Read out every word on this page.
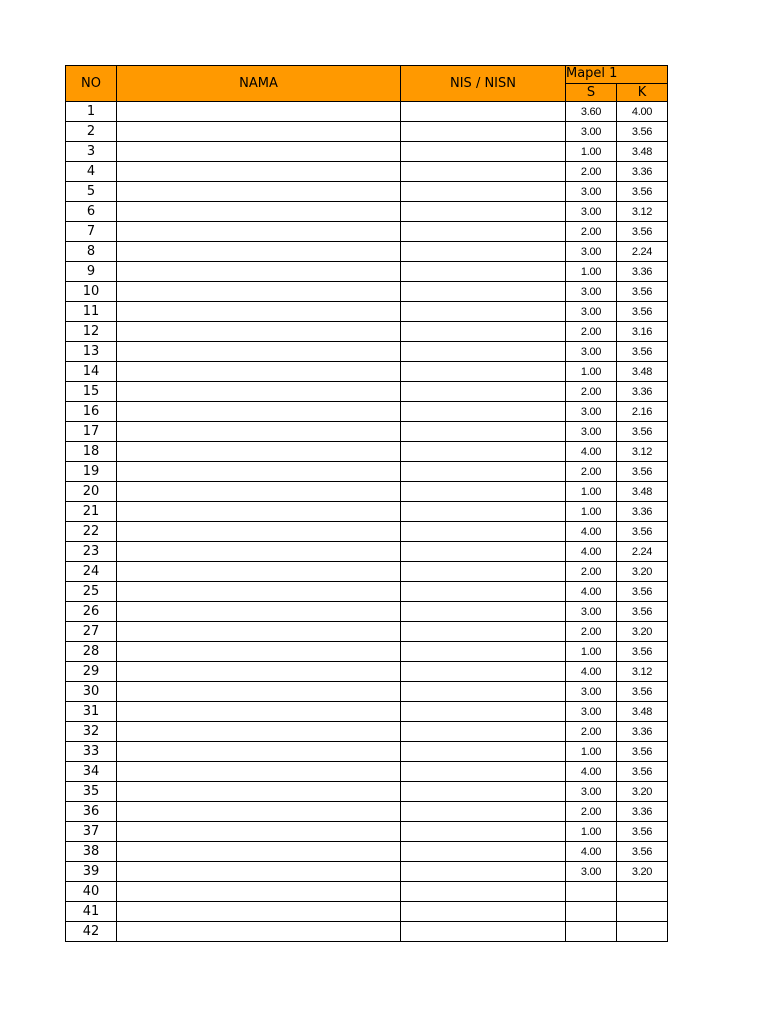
NO	NAMA	NIS / NISN	Mapel 1	
			S	K
1			3.60	4.00
2			3.00	3.56
3			1.00	3.48
4			2.00	3.36
5			3.00	3.56
6			3.00	3.12
7			2.00	3.56
8			3.00	2.24
9			1.00	3.36
10			3.00	3.56
11			3.00	3.56
12			2.00	3.16
13			3.00	3.56
14			1.00	3.48
15			2.00	3.36
16			3.00	2.16
17			3.00	3.56
18			4.00	3.12
19			2.00	3.56
20			1.00	3.48
21			1.00	3.36
22			4.00	3.56
23			4.00	2.24
24			2.00	3.20
25			4.00	3.56
26			3.00	3.56
27			2.00	3.20
28			1.00	3.56
29			4.00	3.12
30			3.00	3.56
31			3.00	3.48
32			2.00	3.36
33			1.00	3.56
34			4.00	3.56
35			3.00	3.20
36			2.00	3.36
37			1.00	3.56
38			4.00	3.56
39			3.00	3.20
40				
41				
42				
